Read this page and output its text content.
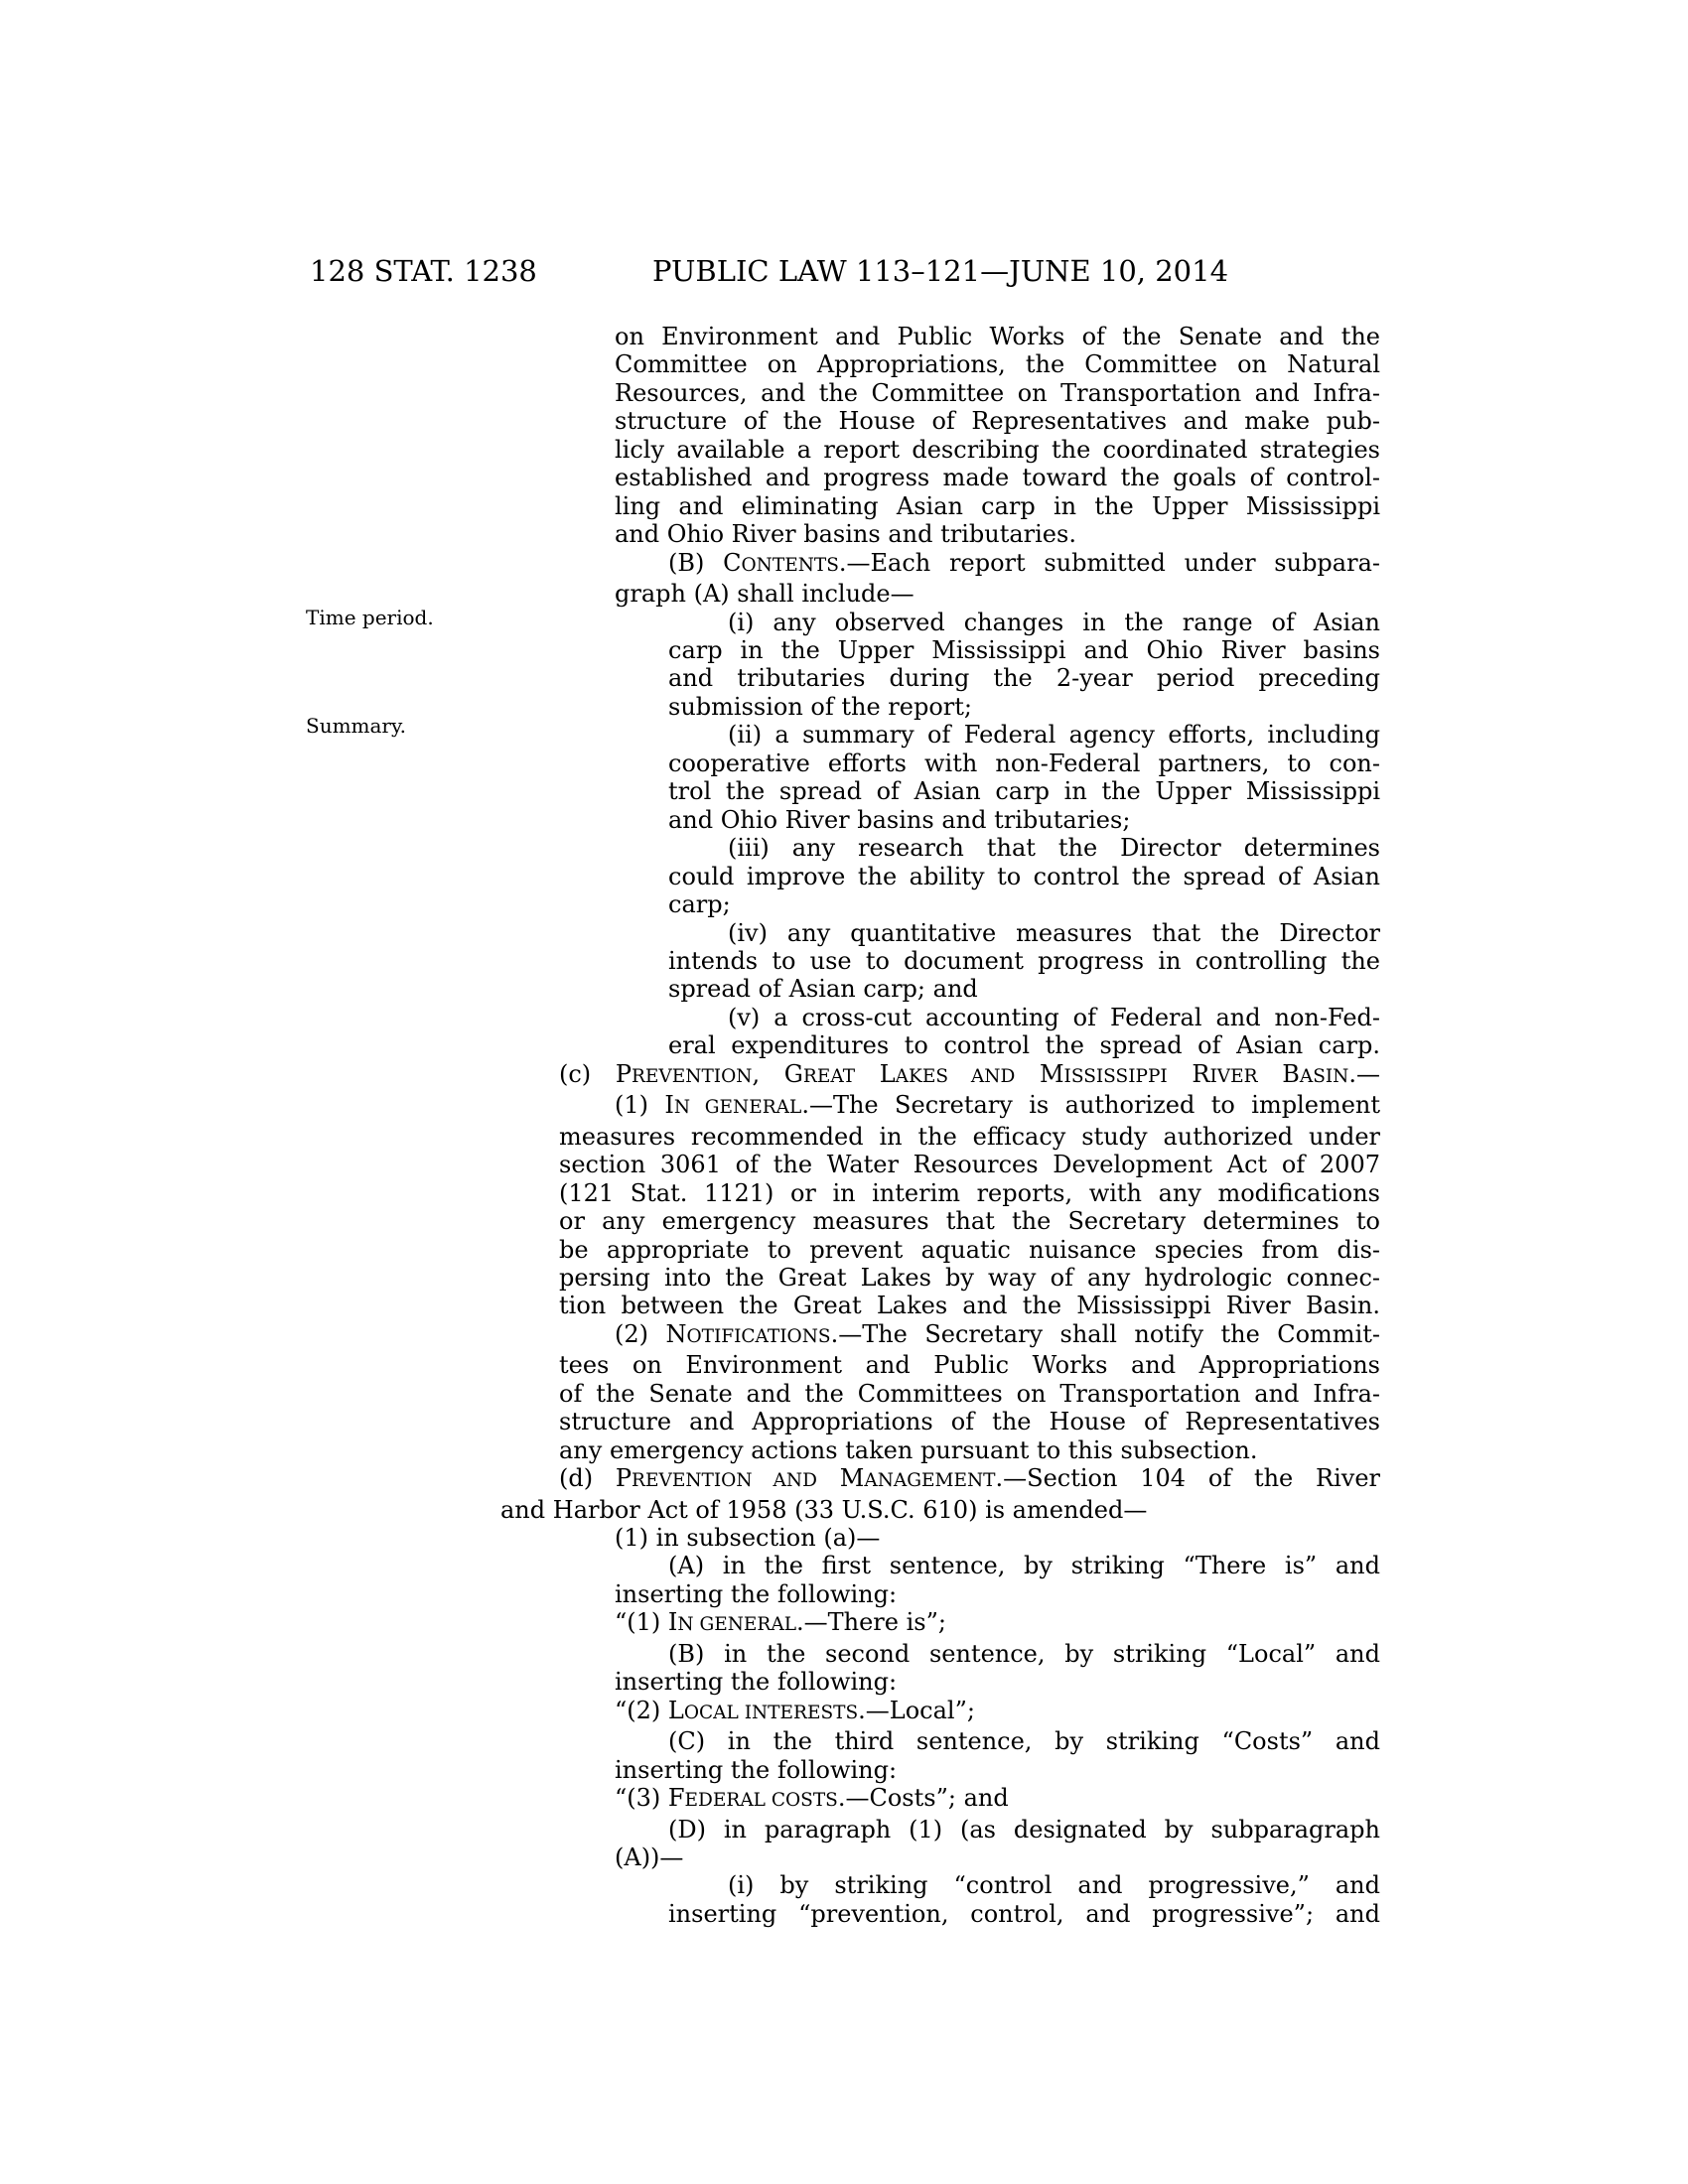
128 STAT. 1238	PUBLIC LAW 113–121—JUNE 10, 2014
Time period.
Summary.
on Environment and Public Works of the Senate and the
Committee on Appropriations, the Committee on Natural
Resources, and the Committee on Transportation and Infra-
structure of the House of Representatives and make pub-
licly available a report describing the coordinated strategies
established and progress made toward the goals of control-
ling and eliminating Asian carp in the Upper Mississippi
and Ohio River basins and tributaries.
(B) CONTENTS.—Each report submitted under subpara-
graph (A) shall include—
(i) any observed changes in the range of Asian
carp in the Upper Mississippi and Ohio River basins
and tributaries during the 2-year period preceding
submission of the report;
(ii) a summary of Federal agency efforts, including
cooperative efforts with non-Federal partners, to con-
trol the spread of Asian carp in the Upper Mississippi
and Ohio River basins and tributaries;
(iii) any research that the Director determines
could improve the ability to control the spread of Asian
carp;
(iv) any quantitative measures that the Director
intends to use to document progress in controlling the
spread of Asian carp; and
(v) a cross-cut accounting of Federal and non-Fed-
eral expenditures to control the spread of Asian carp.
(c) PREVENTION, GREAT LAKES AND MISSISSIPPI RIVER BASIN.—
(1) IN GENERAL.—The Secretary is authorized to implement
measures recommended in the efficacy study authorized under
section 3061 of the Water Resources Development Act of 2007
(121 Stat. 1121) or in interim reports, with any modifications
or any emergency measures that the Secretary determines to
be appropriate to prevent aquatic nuisance species from dis-
persing into the Great Lakes by way of any hydrologic connec-
tion between the Great Lakes and the Mississippi River Basin.
(2) NOTIFICATIONS.—The Secretary shall notify the Commit-
tees on Environment and Public Works and Appropriations
of the Senate and the Committees on Transportation and Infra-
structure and Appropriations of the House of Representatives
any emergency actions taken pursuant to this subsection.
(d) PREVENTION AND MANAGEMENT.—Section 104 of the River
and Harbor Act of 1958 (33 U.S.C. 610) is amended—
(1) in subsection (a)—
(A) in the first sentence, by striking “There is” and
inserting the following:
“(1) IN GENERAL.—There is”;
(B) in the second sentence, by striking “Local” and
inserting the following:
“(2) LOCAL INTERESTS.—Local”;
(C) in the third sentence, by striking “Costs” and
inserting the following:
“(3) FEDERAL COSTS.—Costs”; and
(D) in paragraph (1) (as designated by subparagraph
(A))—
(i) by striking “control and progressive,” and
inserting “prevention, control, and progressive”; and
